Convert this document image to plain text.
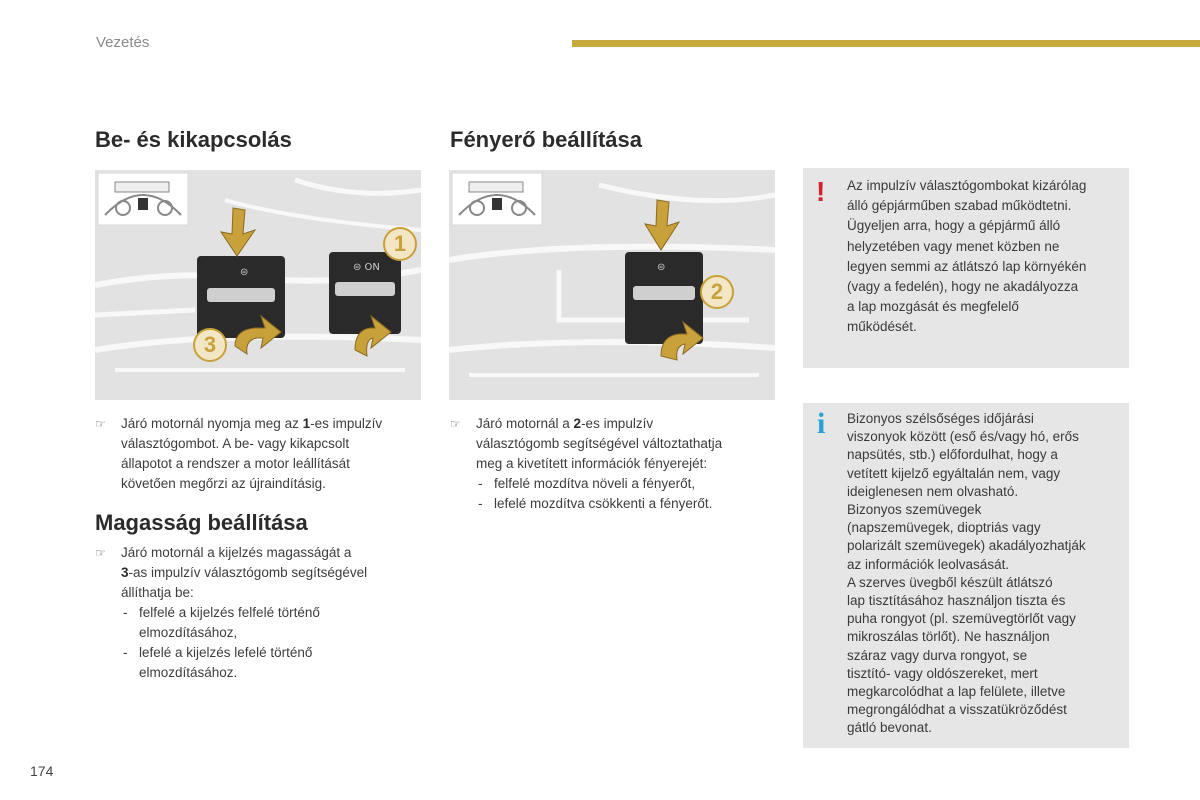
Vezetés
Be- és kikapcsolás	Fényerő beállítása
⊜	⊜ ON
1
3
⊜
2
☞ Járó motornál nyomja meg az 1-es impulzív
választógombot. A be- vagy kikapcsolt
állapotot a rendszer a motor leállítását
követően megőrzi az újraindításig.
Magasság beállítása
☞ Járó motornál a kijelzés magasságát a
3-as impulzív választógomb segítségével
állíthatja be:
- felfelé a kijelzés felfelé történő
elmozdításához,
- lefelé a kijelzés lefelé történő
elmozdításához.
☞ Járó motornál a 2-es impulzív
választógomb segítségével változtathatja
meg a kivetített információk fényerejét:
- felfelé mozdítva növeli a fényerőt,
- lefelé mozdítva csökkenti a fényerőt.
! Az impulzív választógombokat kizárólag
álló gépjárműben szabad működtetni.
Ügyeljen arra, hogy a gépjármű álló
helyzetében vagy menet közben ne
legyen semmi az átlátszó lap környékén
(vagy a fedelén), hogy ne akadályozza
a lap mozgását és megfelelő
működését.
i Bizonyos szélsőséges időjárási
viszonyok között (eső és/vagy hó, erős
napsütés, stb.) előfordulhat, hogy a
vetített kijelző egyáltalán nem, vagy
ideiglenesen nem olvasható.
Bizonyos szemüvegek
(napszemüvegek, dioptriás vagy
polarizált szemüvegek) akadályozhatják
az információk leolvasását.
A szerves üvegből készült átlátszó
lap tisztításához használjon tiszta és
puha rongyot (pl. szemüvegtörlőt vagy
mikroszálas törlőt). Ne használjon
száraz vagy durva rongyot, se
tisztító- vagy oldószereket, mert
megkarcolódhat a lap felülete, illetve
megrongálódhat a visszatükröződést
gátló bevonat.
174
